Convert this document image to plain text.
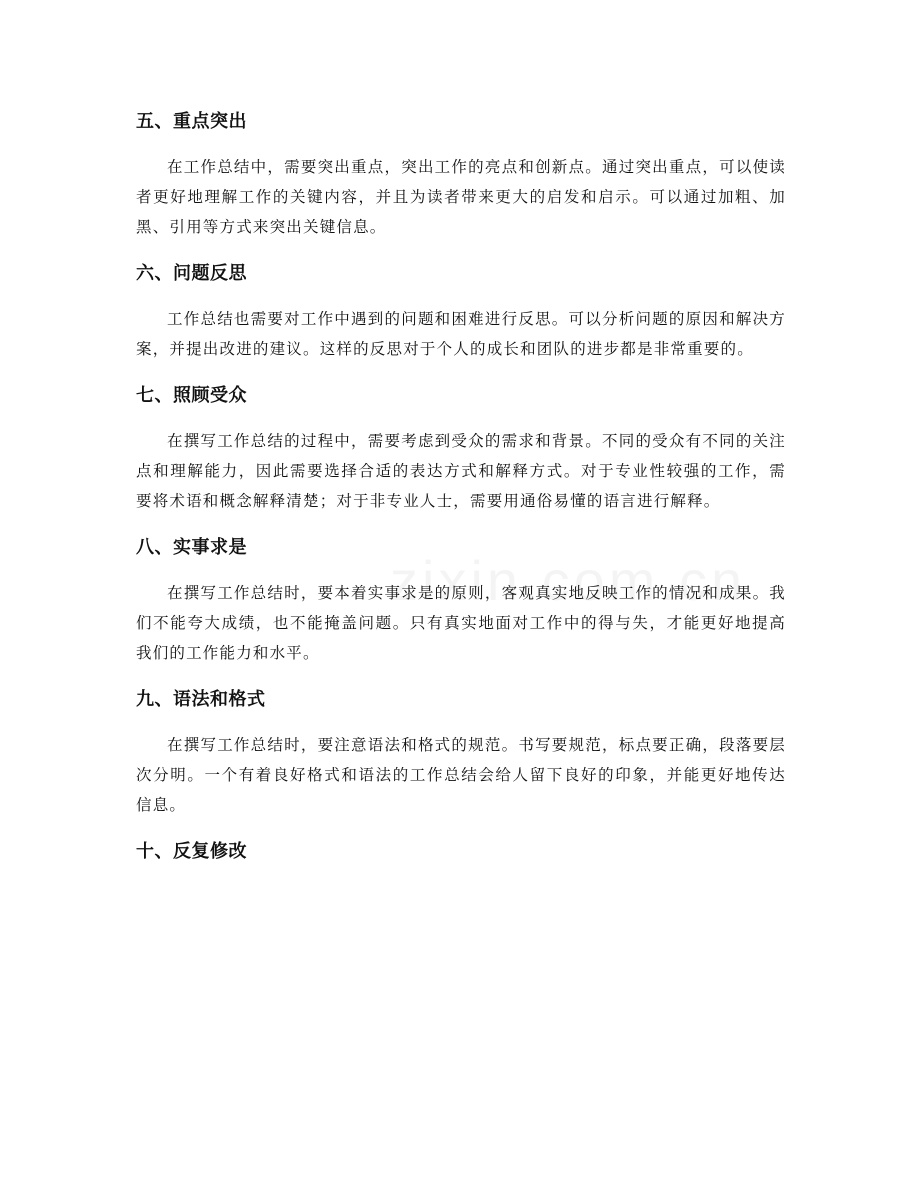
五、重点突出

在工作总结中，需要突出重点，突出工作的亮点和创新点。通过突出重点，可以使读者更好地理解工作的关键内容，并且为读者带来更大的启发和启示。可以通过加粗、加黑、引用等方式来突出关键信息。

六、问题反思

工作总结也需要对工作中遇到的问题和困难进行反思。可以分析问题的原因和解决方案，并提出改进的建议。这样的反思对于个人的成长和团队的进步都是非常重要的。

七、照顾受众

在撰写工作总结的过程中，需要考虑到受众的需求和背景。不同的受众有不同的关注点和理解能力，因此需要选择合适的表达方式和解释方式。对于专业性较强的工作，需要将术语和概念解释清楚；对于非专业人士，需要用通俗易懂的语言进行解释。

八、实事求是

在撰写工作总结时，要本着实事求是的原则，客观真实地反映工作的情况和成果。我们不能夸大成绩，也不能掩盖问题。只有真实地面对工作中的得与失，才能更好地提高我们的工作能力和水平。

九、语法和格式

在撰写工作总结时，要注意语法和格式的规范。书写要规范，标点要正确，段落要层次分明。一个有着良好格式和语法的工作总结会给人留下良好的印象，并能更好地传达信息。

十、反复修改
